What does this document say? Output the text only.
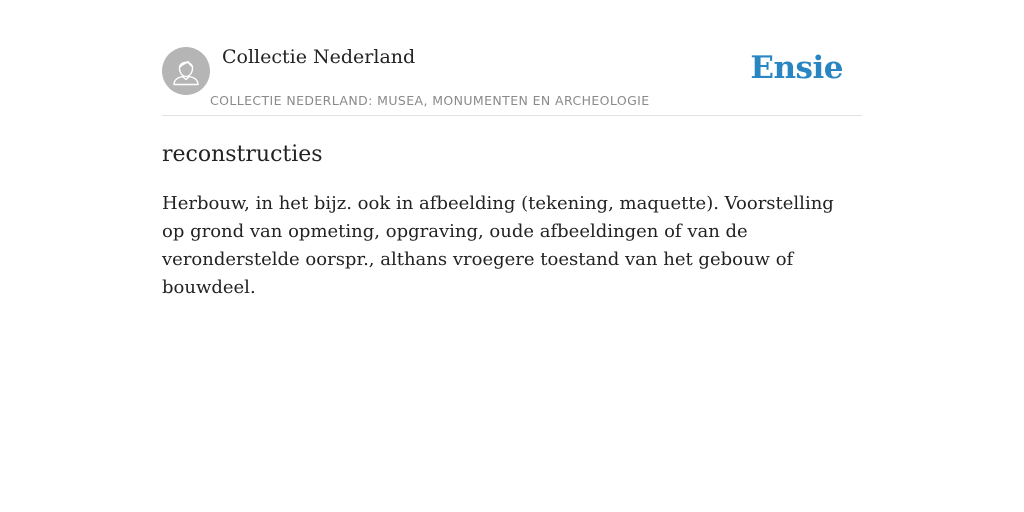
Collectie Nederland
COLLECTIE NEDERLAND: MUSEA, MONUMENTEN EN ARCHEOLOGIE
Ensie
reconstructies

Herbouw, in het bijz. ook in afbeelding (tekening, maquette). Voorstelling op grond van opmeting, opgraving, oude afbeeldingen of van de veronderstelde oorspr., althans vroegere toestand van het gebouw of bouwdeel.
